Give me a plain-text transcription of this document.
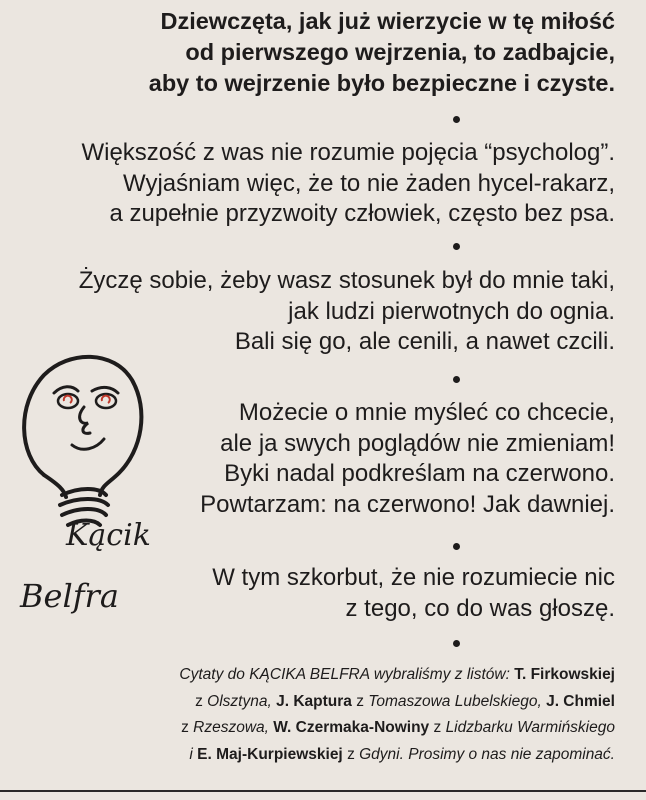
Dziewczęta, jak już wierzycie w tę miłość
od pierwszego wejrzenia, to zadbajcie,
aby to wejrzenie było bezpieczne i czyste.
Większość z was nie rozumie pojęcia “psycholog”.
Wyjaśniam więc, że to nie żaden hycel-rakarz,
a zupełnie przyzwoity człowiek, często bez psa.
Życzę sobie, żeby wasz stosunek był do mnie taki,
jak ludzi pierwotnych do ognia.
Bali się go, ale cenili, a nawet czcili.
Możecie o mnie myśleć co chcecie,
ale ja swych poglądów nie zmieniam!
Byki nadal podkreślam na czerwono.
Powtarzam: na czerwono! Jak dawniej.
W tym szkorbut, że nie rozumiecie nic
z tego, co do was głoszę.
Kącik
Belfra
Cytaty do KĄCIKA BELFRA wybraliśmy z listów: T. Firkowskiej
z Olsztyna, J. Kaptura z Tomaszowa Lubelskiego, J. Chmiel
z Rzeszowa, W. Czermaka-Nowiny z Lidzbarku Warmińskiego
i E. Maj-Kurpiewskiej z Gdyni. Prosimy o nas nie zapominać.
